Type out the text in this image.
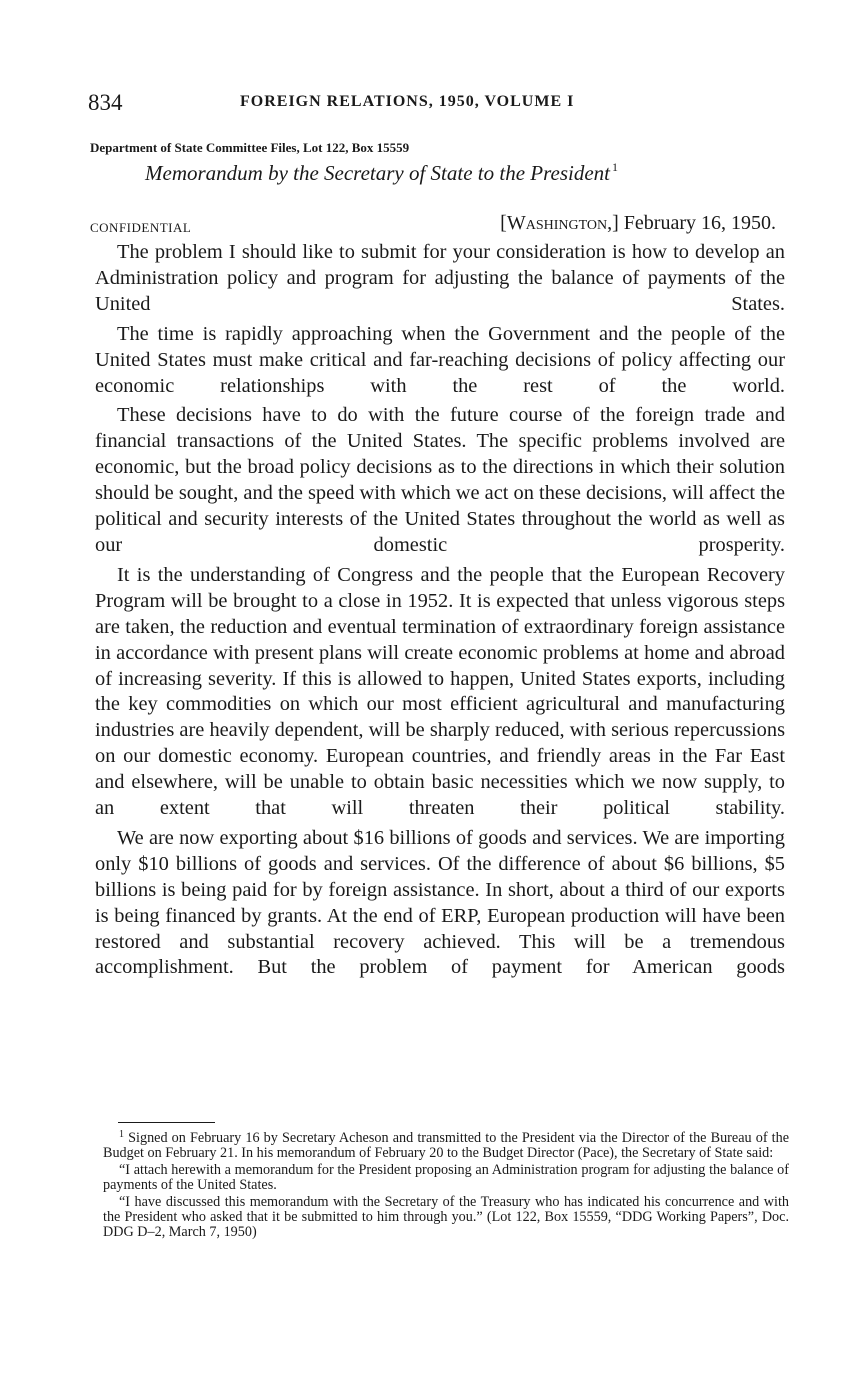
834	FOREIGN RELATIONS, 1950, VOLUME I
Department of State Committee Files, Lot 122, Box 15559
Memorandum by the Secretary of State to the President $^1$
CONFIDENTIAL	[Washington,] February 16, 1950.

The problem I should like to submit for your consideration is how to develop an Administration policy and program for adjusting the balance of payments of the United States.

The time is rapidly approaching when the Government and the people of the United States must make critical and far-reaching decisions of policy affecting our economic relationships with the rest of the world.

These decisions have to do with the future course of the foreign trade and financial transactions of the United States. The specific problems involved are economic, but the broad policy decisions as to the directions in which their solution should be sought, and the speed with which we act on these decisions, will affect the political and security interests of the United States throughout the world as well as our domestic prosperity.

It is the understanding of Congress and the people that the European Recovery Program will be brought to a close in 1952. It is expected that unless vigorous steps are taken, the reduction and eventual termination of extraordinary foreign assistance in accordance with present plans will create economic problems at home and abroad of increasing severity. If this is allowed to happen, United States exports, including the key commodities on which our most efficient agricultural and manufacturing industries are heavily dependent, will be sharply reduced, with serious repercussions on our domestic economy. European countries, and friendly areas in the Far East and elsewhere, will be unable to obtain basic necessities which we now supply, to an extent that will threaten their political stability.

We are now exporting about $16 billions of goods and services. We are importing only $10 billions of goods and services. Of the difference of about $6 billions, $5 billions is being paid for by foreign assistance. In short, about a third of our exports is being financed by grants. At the end of ERP, European production will have been restored and substantial recovery achieved. This will be a tremendous accomplishment. But the problem of payment for American goods

$^1$ Signed on February 16 by Secretary Acheson and transmitted to the President via the Director of the Bureau of the Budget on February 21. In his memorandum of February 20 to the Budget Director (Pace), the Secretary of State said:

“I attach herewith a memorandum for the President proposing an Administration program for adjusting the balance of payments of the United States.

“I have discussed this memorandum with the Secretary of the Treasury who has indicated his concurrence and with the President who asked that it be submitted to him through you.” (Lot 122, Box 15559, “DDG Working Papers”, Doc. DDG D–2, March 7, 1950)
